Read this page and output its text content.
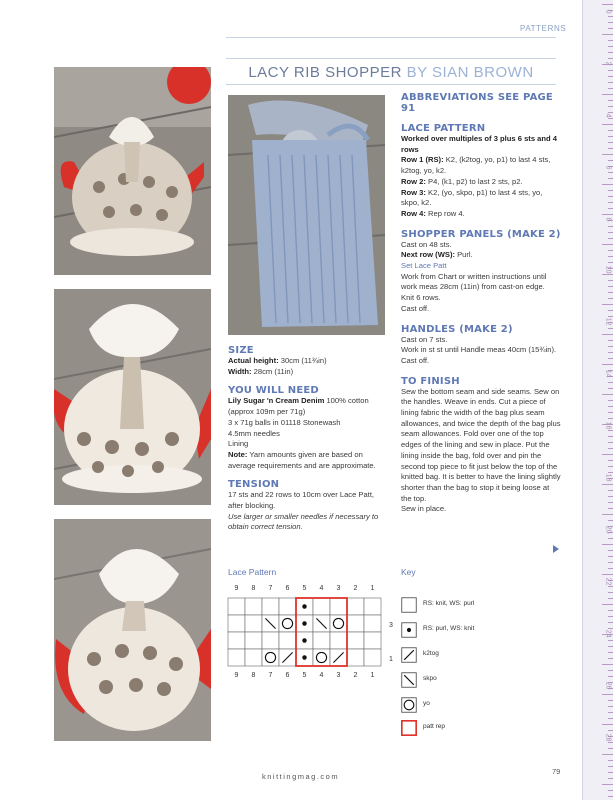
PATTERNS
LACY RIB SHOPPER BY SIAN BROWN
SIZE
Actual height: 30cm (11¾in)
Width: 28cm (11in)
YOU WILL NEED
Lily Sugar 'n Cream Denim 100% cotton (approx 109m per 71g)
3 x 71g balls in 01118 Stonewash
4.5mm needles
Lining
Note: Yarn amounts given are based on average requirements and are approximate.
TENSION
17 sts and 22 rows to 10cm over Lace Patt, after blocking.
Use larger or smaller needles if necessary to obtain correct tension.
ABBREVIATIONS SEE PAGE 91
LACE PATTERN
Worked over multiples of 3 plus 6 sts and 4 rows
Row 1 (RS): K2, (k2tog, yo, p1) to last 4 sts, k2tog, yo, k2.
Row 2: P4, (k1, p2) to last 2 sts, p2.
Row 3: K2, (yo, skpo, p1) to last 4 sts, yo, skpo, k2.
Row 4: Rep row 4.
SHOPPER PANELS (MAKE 2)
Cast on 48 sts.
Next row (WS): Purl.
Set Lace Patt
Work from Chart or written instructions until work meas 28cm (11in) from cast-on edge.
Knit 6 rows.
Cast off.
HANDLES (MAKE 2)
Cast on 7 sts.
Work in st st until Handle meas 40cm (15¾in).
Cast off.
TO FINISH
Sew the bottom seam and side seams. Sew on the handles. Weave in ends. Cut a piece of lining fabric the width of the bag plus seam allowances, and twice the depth of the bag plus seam allowances. Fold over one of the top edges of the lining and sew in place. Put the lining inside the bag, fold over and pin the second top piece to fit just below the top of the knitted bag. It is better to have the lining slightly shorter than the bag to stop it being loose at the top.
Sew in place.
Lace Pattern
9
9
8
8
7
7
6
6
5
5
4
4
3
3
2
2
1
1
3
1
Key
RS: knit, WS: purl
RS: purl, WS: knit
k2tog
skpo
yo
patt rep
knittingmag.com
79
0
2
4
6
8
10
12
14
16
18
20
22
24
26
28
